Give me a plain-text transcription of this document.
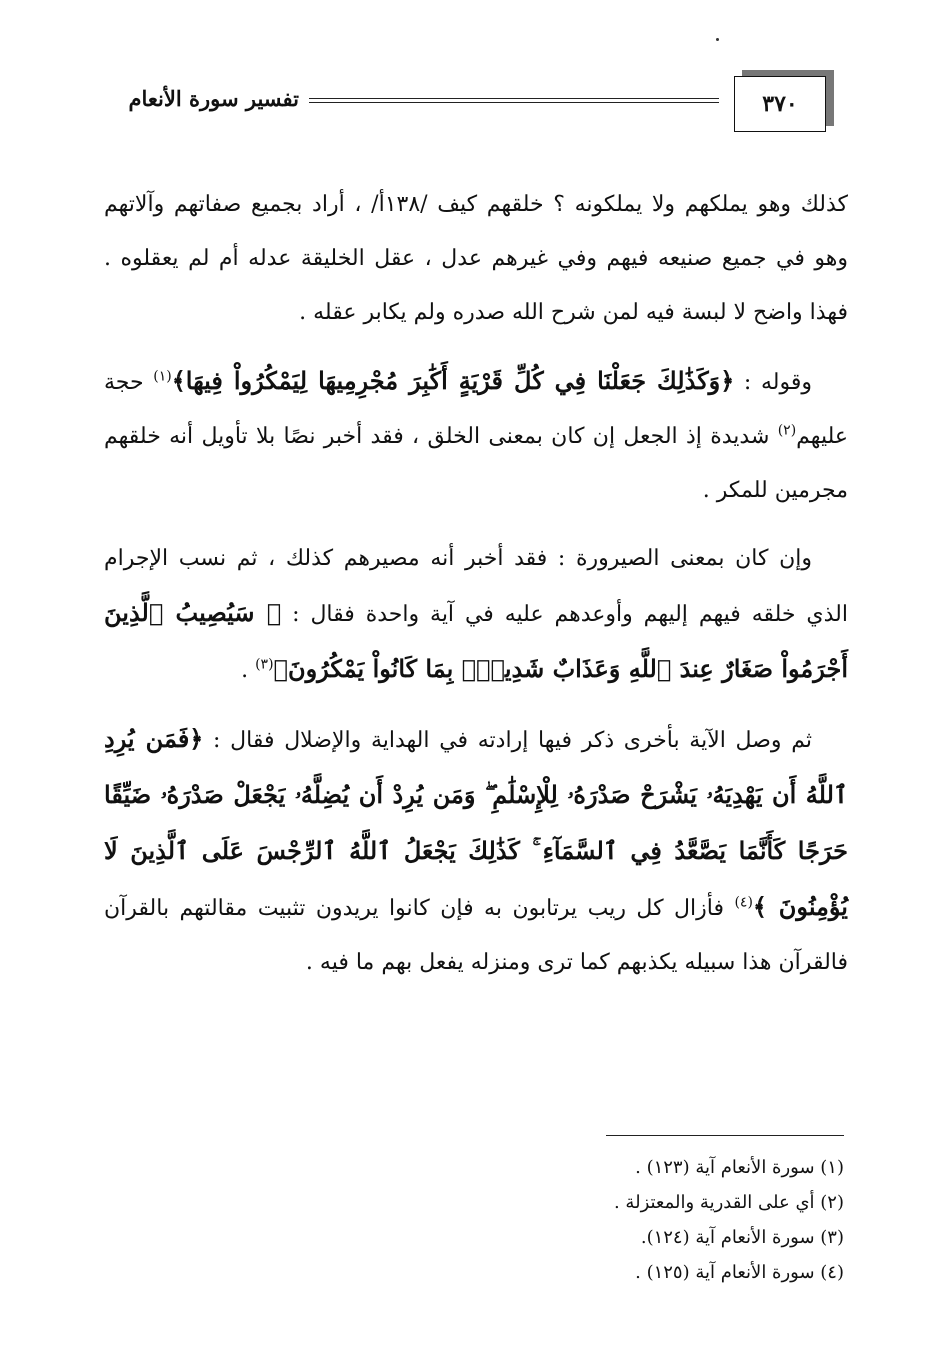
٣٧٠
تفسير سورة الأنعام

كذلك وهو يملكهم ولا يملكونه ؟ خلقهم كيف /١٣٨أ/ ، أراد بجميع صفاتهم وآلاتهم وهو في جميع صنيعه فيهم وفي غيرهم عدل ، عقل الخليقة عدله أم لم يعقلوه . فهذا واضح لا لبسة فيه لمن شرح الله صدره ولم يكابر عقله .

وقوله : ﴿وَكَذَٰلِكَ جَعَلْنَا فِي كُلِّ قَرْيَةٍ أَكَٰبِرَ مُجْرِمِيهَا لِيَمْكُرُواْ فِيهَا﴾$^{(١)}$ حجة عليهم$^{(٢)}$ شديدة إذ الجعل إن كان بمعنى الخلق ، فقد أخبر نصًا بلا تأويل أنه خلقهم مجرمين للمكر .

وإن كان بمعنى الصيرورة : فقد أخبر أنه مصيرهم كذلك ، ثم نسب الإجرام الذي خلقه فيهم إليهم وأوعدهم عليه في آية واحدة فقال : ﴿ سَيُصِيبُ ٱلَّذِينَ أَجْرَمُواْ صَغَارٌ عِندَ ٱللَّهِ وَعَذَابٌ شَدِيدٌۢ بِمَا كَانُواْ يَمْكُرُونَ﴾$^{(٣)}$ .

ثم وصل الآية بأخرى ذكر فيها إرادته في الهداية والإضلال فقال : ﴿فَمَن يُرِدِ ٱللَّهُ أَن يَهْدِيَهُۥ يَشْرَحْ صَدْرَهُۥ لِلْإِسْلَٰمِ ۖ وَمَن يُرِدْ أَن يُضِلَّهُۥ يَجْعَلْ صَدْرَهُۥ ضَيِّقًا حَرَجًا كَأَنَّمَا يَصَّعَّدُ فِي ٱلسَّمَآءِ ۚ كَذَٰلِكَ يَجْعَلُ ٱللَّهُ ٱلرِّجْسَ عَلَى ٱلَّذِينَ لَا يُؤْمِنُونَ ﴾$^{(٤)}$ فأزال كل ريب يرتابون به فإن كانوا يريدون تثبيت مقالتهم بالقرآن فالقرآن هذا سبيله يكذبهم كما ترى ومنزله يفعل بهم ما فيه .

(١) سورة الأنعام آية (١٢٣) .
(٢) أي على القدرية والمعتزلة .
(٣) سورة الأنعام آية (١٢٤).
(٤) سورة الأنعام آية (١٢٥) .
